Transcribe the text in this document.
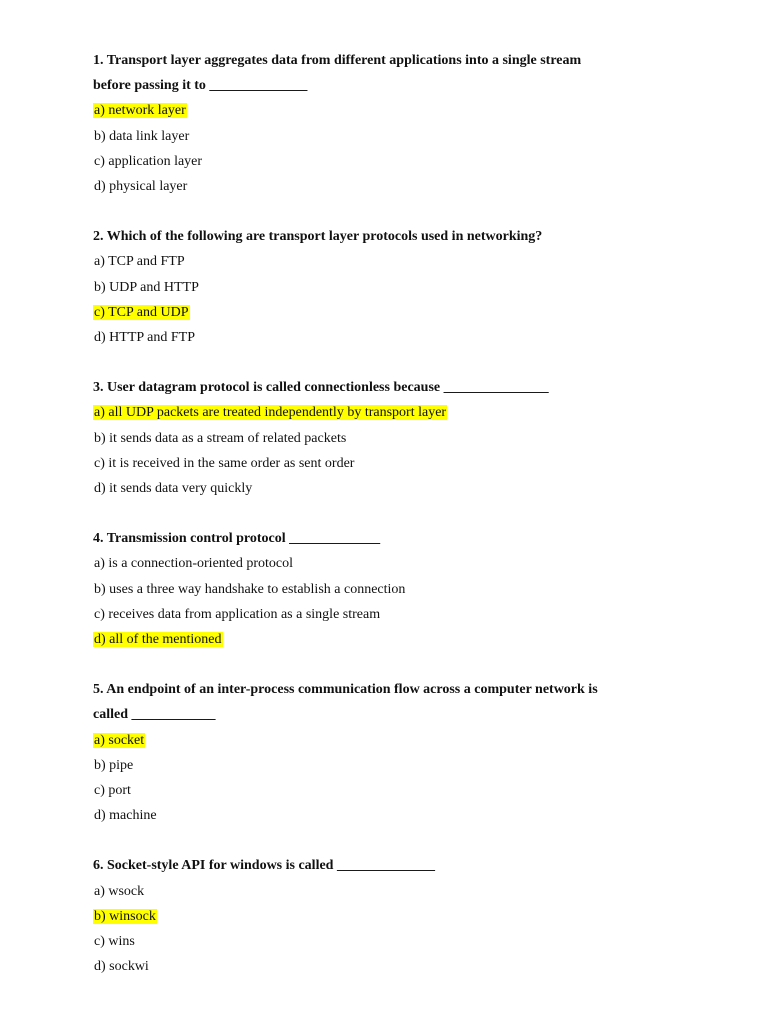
1. Transport layer aggregates data from different applications into a single stream

before passing it to ______________

a) network layer

b) data link layer

c) application layer

d) physical layer

2. Which of the following are transport layer protocols used in networking?

a) TCP and FTP

b) UDP and HTTP

c) TCP and UDP

d) HTTP and FTP

3. User datagram protocol is called connectionless because _______________

a) all UDP packets are treated independently by transport layer

b) it sends data as a stream of related packets

c) it is received in the same order as sent order

d) it sends data very quickly

4. Transmission control protocol _____________

a) is a connection-oriented protocol

b) uses a three way handshake to establish a connection

c) receives data from application as a single stream

d) all of the mentioned

5. An endpoint of an inter-process communication flow across a computer network is

called ____________

a) socket

b) pipe

c) port

d) machine

6. Socket-style API for windows is called ______________

a) wsock

b) winsock

c) wins

d) sockwi
